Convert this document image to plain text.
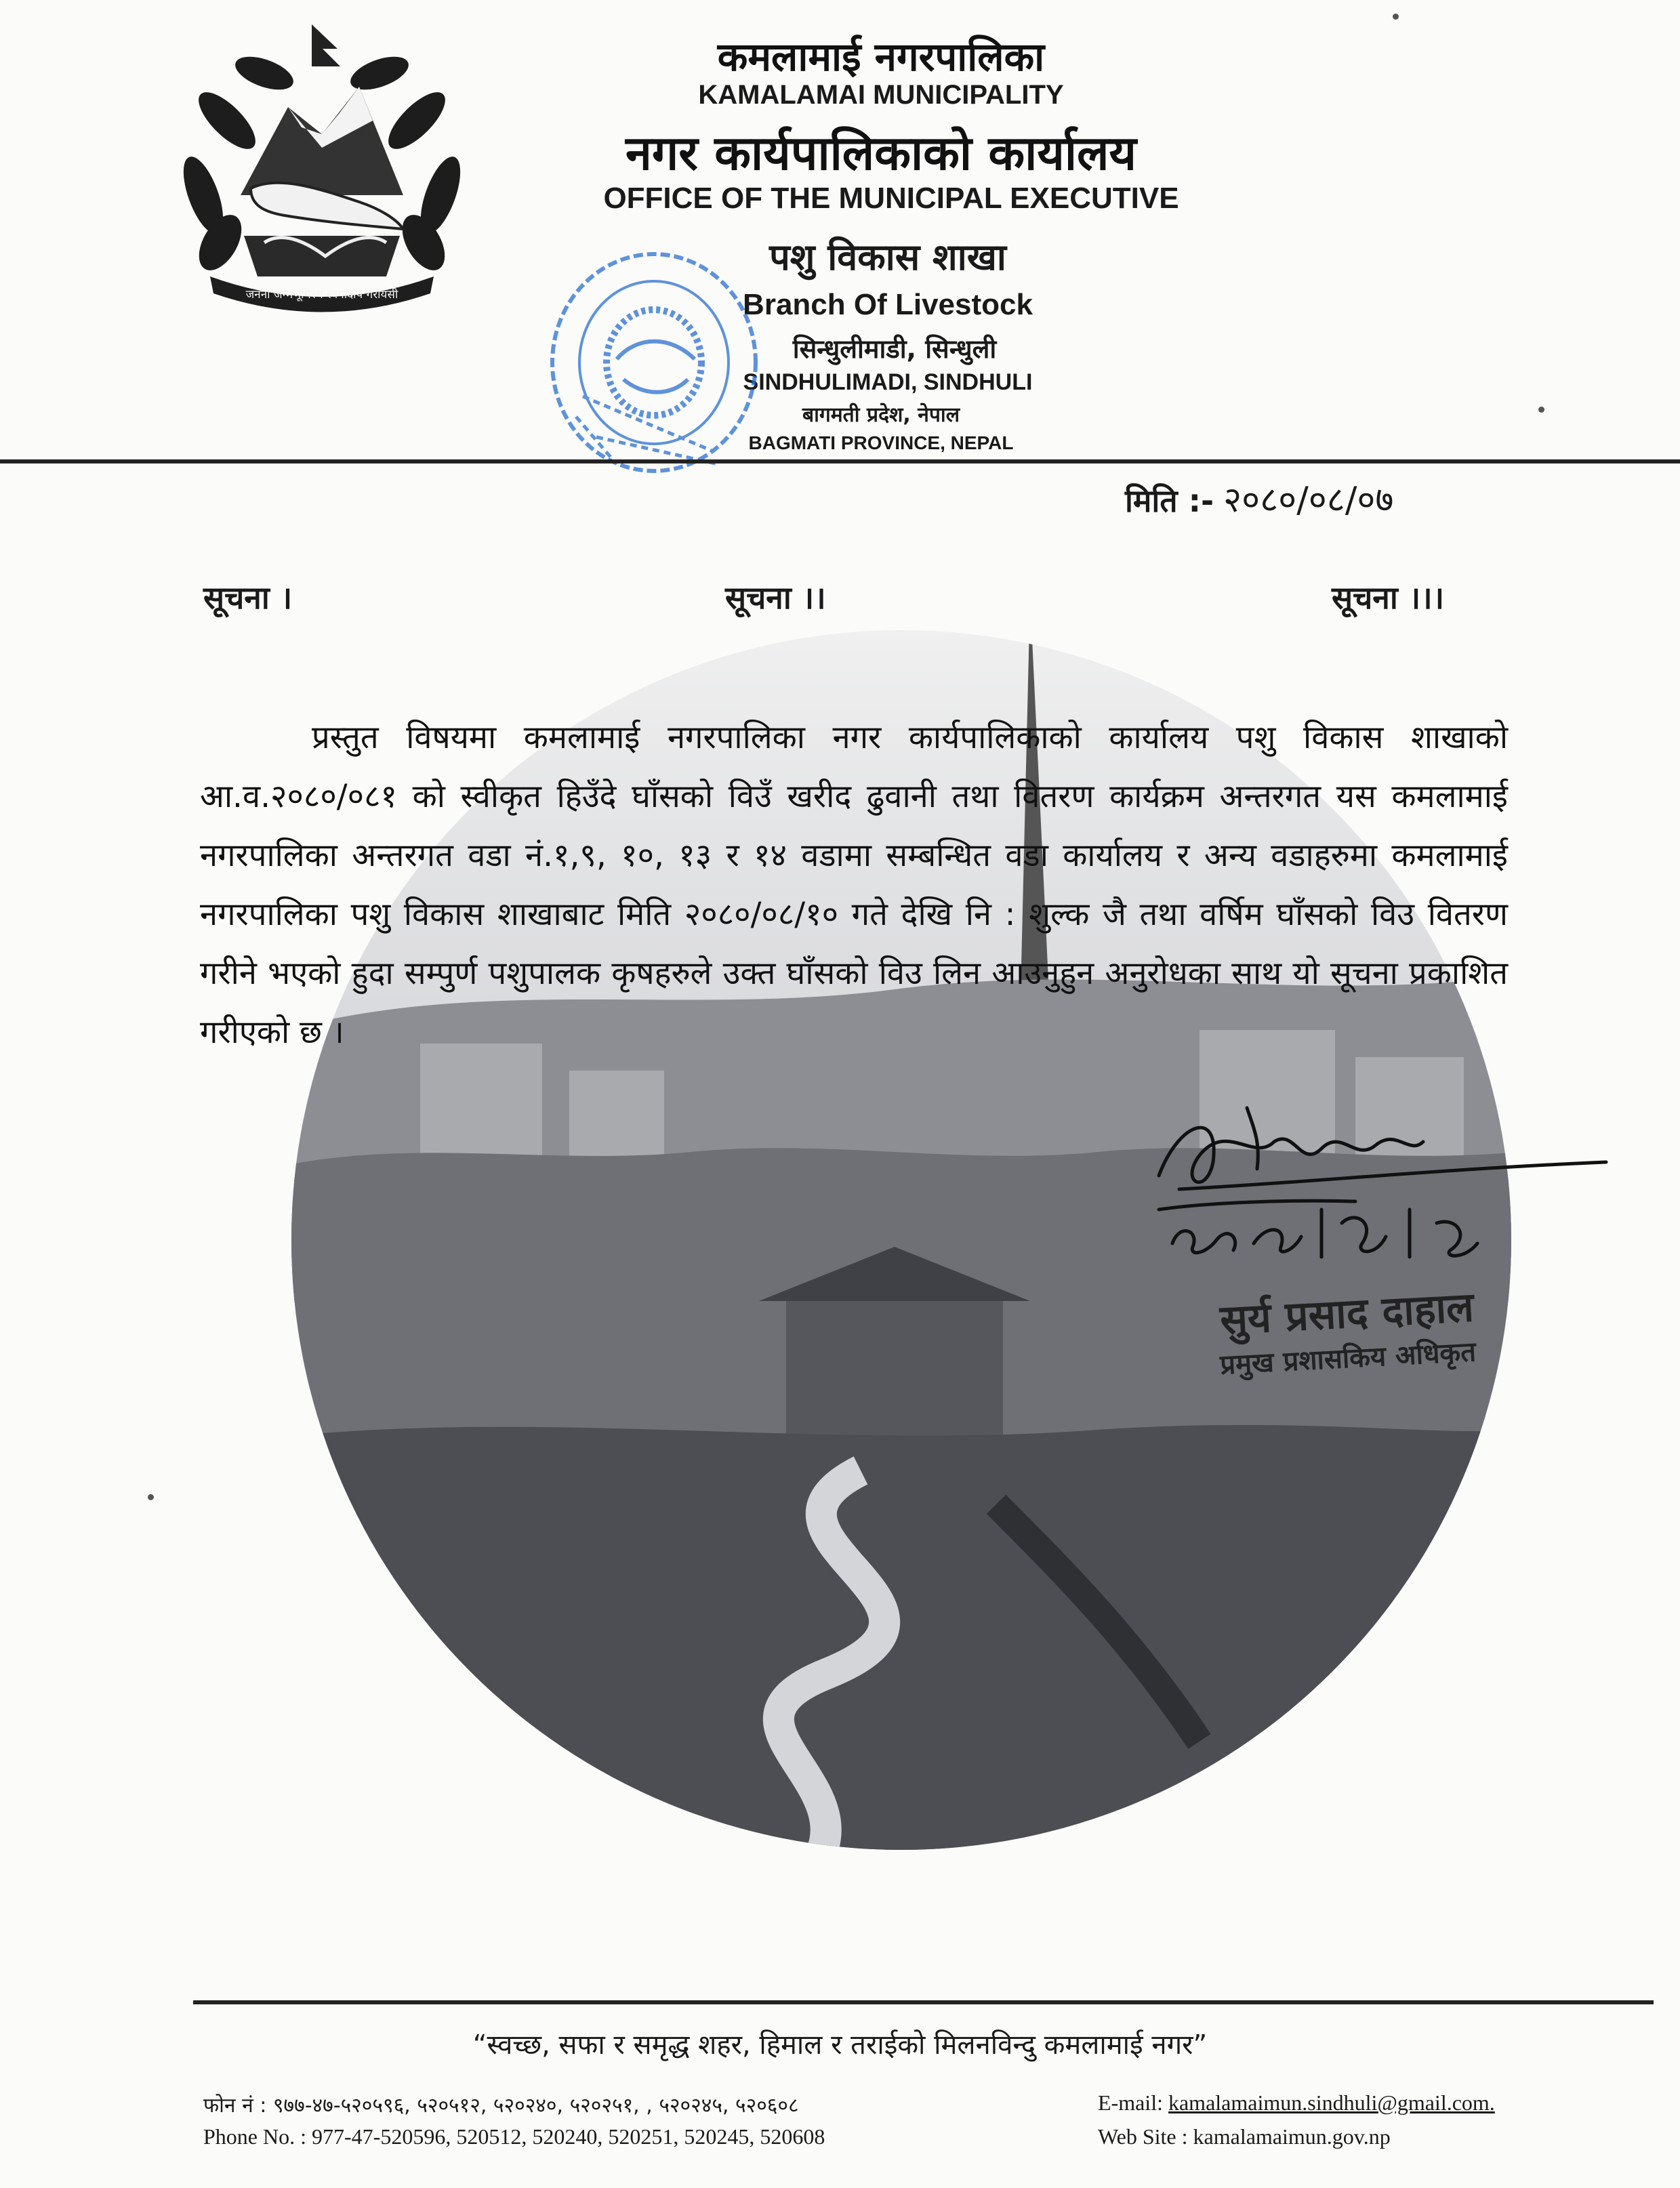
जननी जन्मभूमिश्च स्वर्गादपि गरीयसी
कमलामाई नगरपालिका
KAMALAMAI MUNICIPALITY
नगर कार्यपालिकाको कार्यालय
OFFICE OF THE MUNICIPAL EXECUTIVE
पशु विकास शाखा
Branch Of Livestock
सिन्धुलीमाडी, सिन्धुली
SINDHULIMADI, SINDHULI
बागमती प्रदेश, नेपाल
BAGMATI PROVINCE, NEPAL
मिति :- २०८०/०८/०७
सूचना ।	सूचना ।।	सूचना ।।।

प्रस्तुत विषयमा कमलामाई नगरपालिका नगर कार्यपालिकाको कार्यालय पशु विकास शाखाको आ.व.२०८०/०८१ को स्वीकृत हिउँदे घाँसको विउँ खरीद ढुवानी तथा वितरण कार्यक्रम अन्तरगत यस कमलामाई नगरपालिका अन्तरगत वडा नं.१,९, १०, १३ र १४ वडामा सम्बन्धित वडा कार्यालय र अन्य वडाहरुमा कमलामाई नगरपालिका पशु विकास शाखाबाट मिति २०८०/०८/१० गते देखि नि : शुल्क जै तथा वर्षिम घाँसको विउ वितरण गरीने भएको हुदा सम्पुर्ण पशुपालक कृषहरुले उक्त घाँसको विउ लिन आउनुहुन अनुरोधका साथ यो सूचना प्रकाशित गरीएको छ ।

सुर्य प्रसाद दाहाल
प्रमुख प्रशासकिय अधिकृत
“स्वच्छ, सफा र समृद्ध शहर, हिमाल र तराईको मिलनविन्दु कमलामाई नगर”
फोन नं : ९७७-४७-५२०५९६, ५२०५१२, ५२०२४०, ५२०२५१, , ५२०२४५, ५२०६०८
Phone No. : 977-47-520596, 520512, 520240, 520251, 520245, 520608
E-mail: kamalamaimun.sindhuli@gmail.com.
Web Site : kamalamaimun.gov.np
